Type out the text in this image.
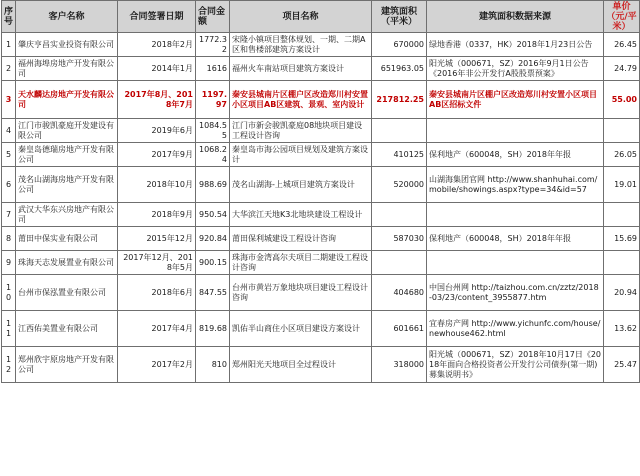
序号	客户名称	合同签署日期	合同金额	项目名称	建筑面积（平米）	建筑面积数据来源	单价（元/平米）
1	肇庆亨昌实业投资有限公司	2018年2月	1772.32	宋隆小镇项目整体规划、一期、二期A区和售楼部建筑方案设计	670000	绿地香港（0337，HK）2018年1月23日公告	26.45
2	福州海埠房地产开发有限公司	2014年1月	1616	福州火车南站项目建筑方案设计	651963.05	阳光城（000671，SZ）2016年9月1日公告《2016年非公开发行A股股票预案》	24.79
3	天水麟达房地产开发有限公司	2017年8月、2018年7月	1197.97	秦安县城南片区棚户区改造郑川村安置小区项目AB区建筑、景观、室内设计	217812.25	秦安县城南片区棚户区改造郑川村安置小区项目AB区招标文件	55.00
4	江门市骏凯豪庭开发建设有限公司	2019年6月	1084.55	江门市新会骏凯豪庭08地块项目建设工程设计咨询			
5	秦皇岛德瑞房地产开发有限公司	2017年9月	1068.24	秦皇岛市海公园项目规划及建筑方案设计	410125	保利地产（600048，SH）2018年年报	26.05
6	茂名山湖海房地产开发有限公司	2018年10月	988.69	茂名山湖海-上城项目建筑方案设计	520000	山湖海集团官网 http://www.shanhuhai.com/mobile/showings.aspx?type=34&id=57	19.01
7	武汉大华东兴房地产有限公司	2018年9月	950.54	大华滨江天地K3北地块建设工程设计			
8	莆田中保实业有限公司	2015年12月	920.84	莆田保利城建设工程设计咨询	587030	保利地产（600048，SH）2018年年报	15.69
9	珠海天志发展置业有限公司	2017年12月、2018年5月	900.15	珠海市金湾高尔夫项目二期建设工程设计咨询			
10	台州市保泓置业有限公司	2018年6月	847.55	台州市黄岩万象地块项目建设工程设计咨询	404680	中国台州网 http://taizhou.com.cn/zztz/2018-03/23/content_3955877.htm	20.94
11	江西佑美置业有限公司	2017年4月	819.68	凯佑半山商住小区项目建设方案设计	601661	宜春房产网 http://www.yichunfc.com/house/newhouse462.html	13.62
12	郑州欣宇原房地产开发有限公司	2017年2月	810	郑州阳光天地项目全过程设计	318000	阳光城（000671，SZ）2018年10月17日《2018年面向合格投资者公开发行公司债券(第一期)募集说明书》	25.47
